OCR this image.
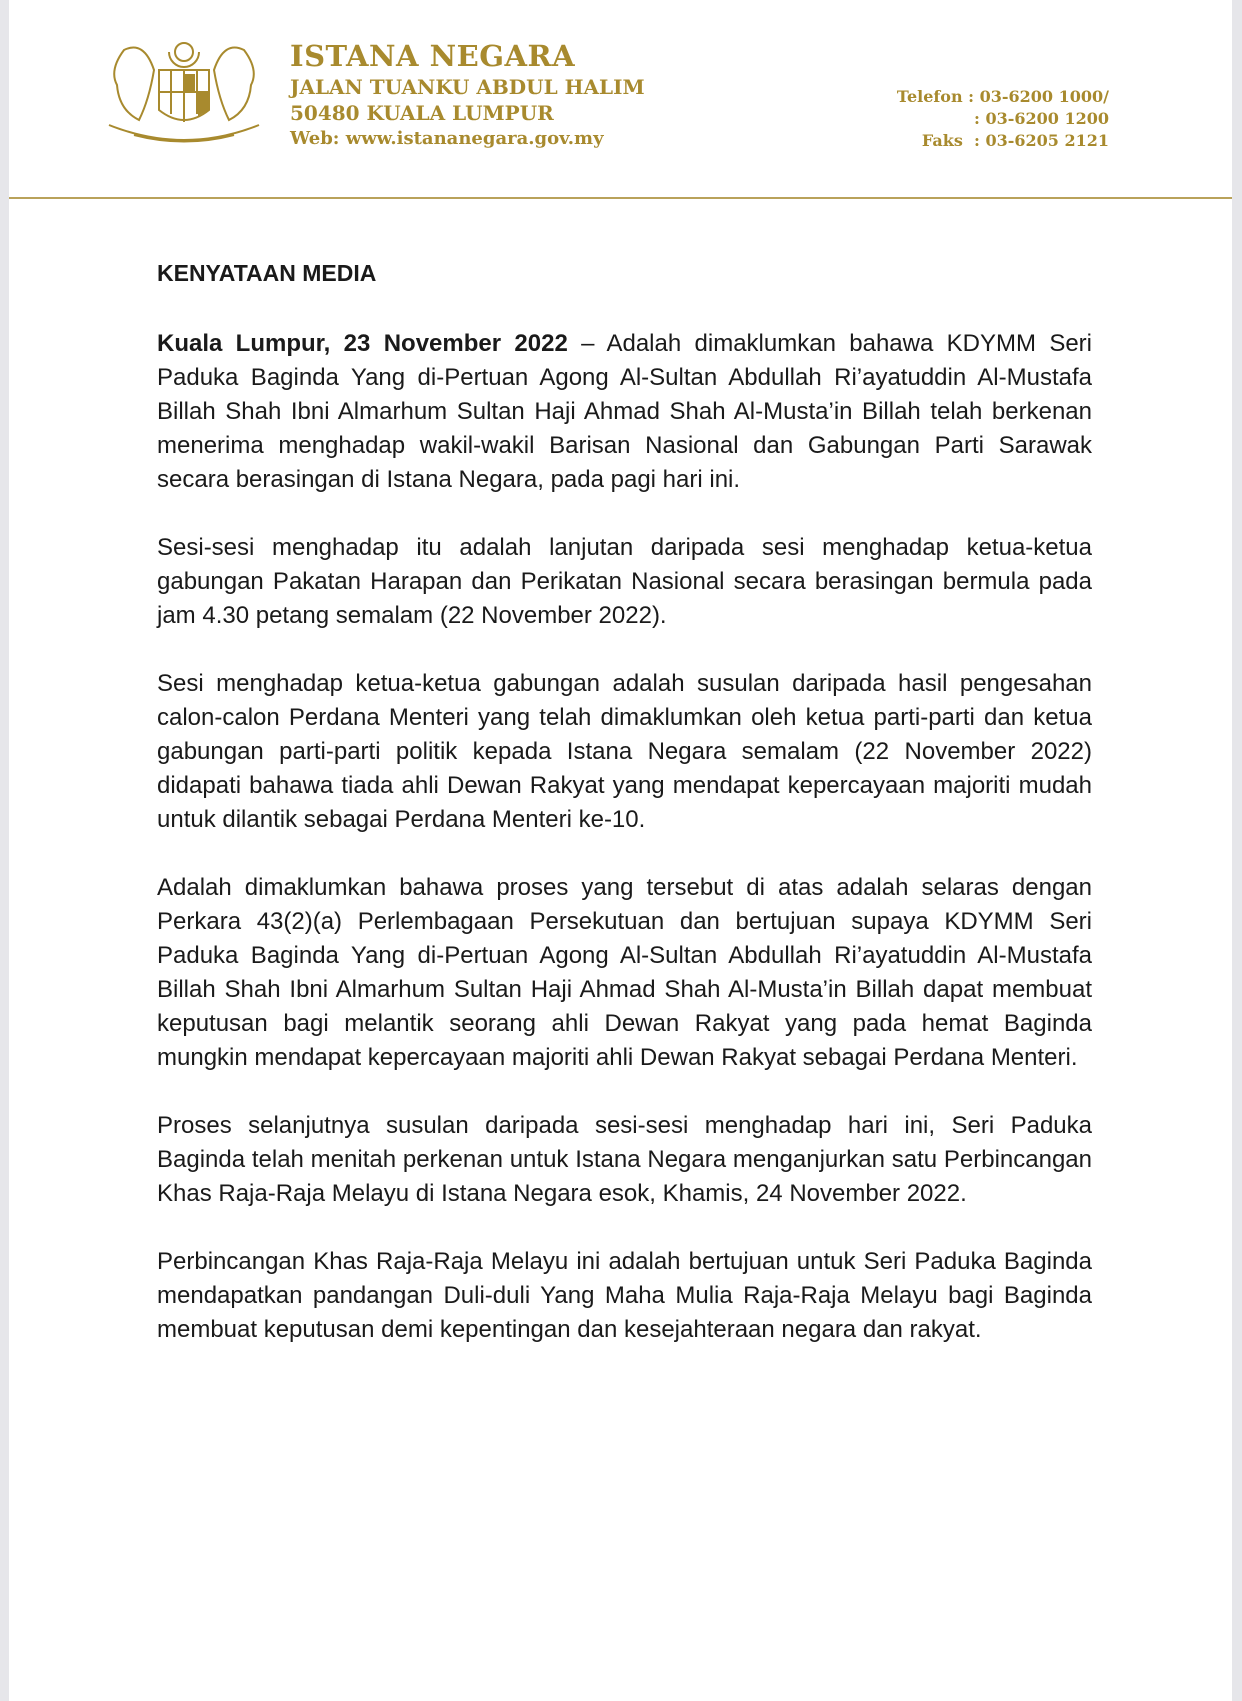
ISTANA NEGARA
JALAN TUANKU ABDUL HALIM
50480 KUALA LUMPUR
Web: www.istananegara.gov.my
Telefon : 03-6200 1000/
: 03-6200 1200
Faks  : 03-6205 2121
KENYATAAN MEDIA

Kuala Lumpur, 23 November 2022 – Adalah dimaklumkan bahawa KDYMM Seri Paduka Baginda Yang di-Pertuan Agong Al-Sultan Abdullah Ri’ayatuddin Al-Mustafa Billah Shah Ibni Almarhum Sultan Haji Ahmad Shah Al-Musta’in Billah telah berkenan menerima menghadap wakil-wakil Barisan Nasional dan Gabungan Parti Sarawak secara berasingan di Istana Negara, pada pagi hari ini.

Sesi-sesi menghadap itu adalah lanjutan daripada sesi menghadap ketua-ketua gabungan Pakatan Harapan dan Perikatan Nasional secara berasingan bermula pada jam 4.30 petang semalam (22 November 2022).

Sesi menghadap ketua-ketua gabungan adalah susulan daripada hasil pengesahan calon-calon Perdana Menteri yang telah dimaklumkan oleh ketua parti-parti dan ketua gabungan parti-parti politik kepada Istana Negara semalam (22 November 2022) didapati bahawa tiada ahli Dewan Rakyat yang mendapat kepercayaan majoriti mudah untuk dilantik sebagai Perdana Menteri ke-10.

Adalah dimaklumkan bahawa proses yang tersebut di atas adalah selaras dengan Perkara 43(2)(a) Perlembagaan Persekutuan dan bertujuan supaya KDYMM Seri Paduka Baginda Yang di-Pertuan Agong Al-Sultan Abdullah Ri’ayatuddin Al-Mustafa Billah Shah Ibni Almarhum Sultan Haji Ahmad Shah Al-Musta’in Billah dapat membuat keputusan bagi melantik seorang ahli Dewan Rakyat yang pada hemat Baginda mungkin mendapat kepercayaan majoriti ahli Dewan Rakyat sebagai Perdana Menteri.

Proses selanjutnya susulan daripada sesi-sesi menghadap hari ini, Seri Paduka Baginda telah menitah perkenan untuk Istana Negara menganjurkan satu Perbincangan Khas Raja-Raja Melayu di Istana Negara esok, Khamis, 24 November 2022.

Perbincangan Khas Raja-Raja Melayu ini adalah bertujuan untuk Seri Paduka Baginda mendapatkan pandangan Duli-duli Yang Maha Mulia Raja-Raja Melayu bagi Baginda membuat keputusan demi kepentingan dan kesejahteraan negara dan rakyat.
